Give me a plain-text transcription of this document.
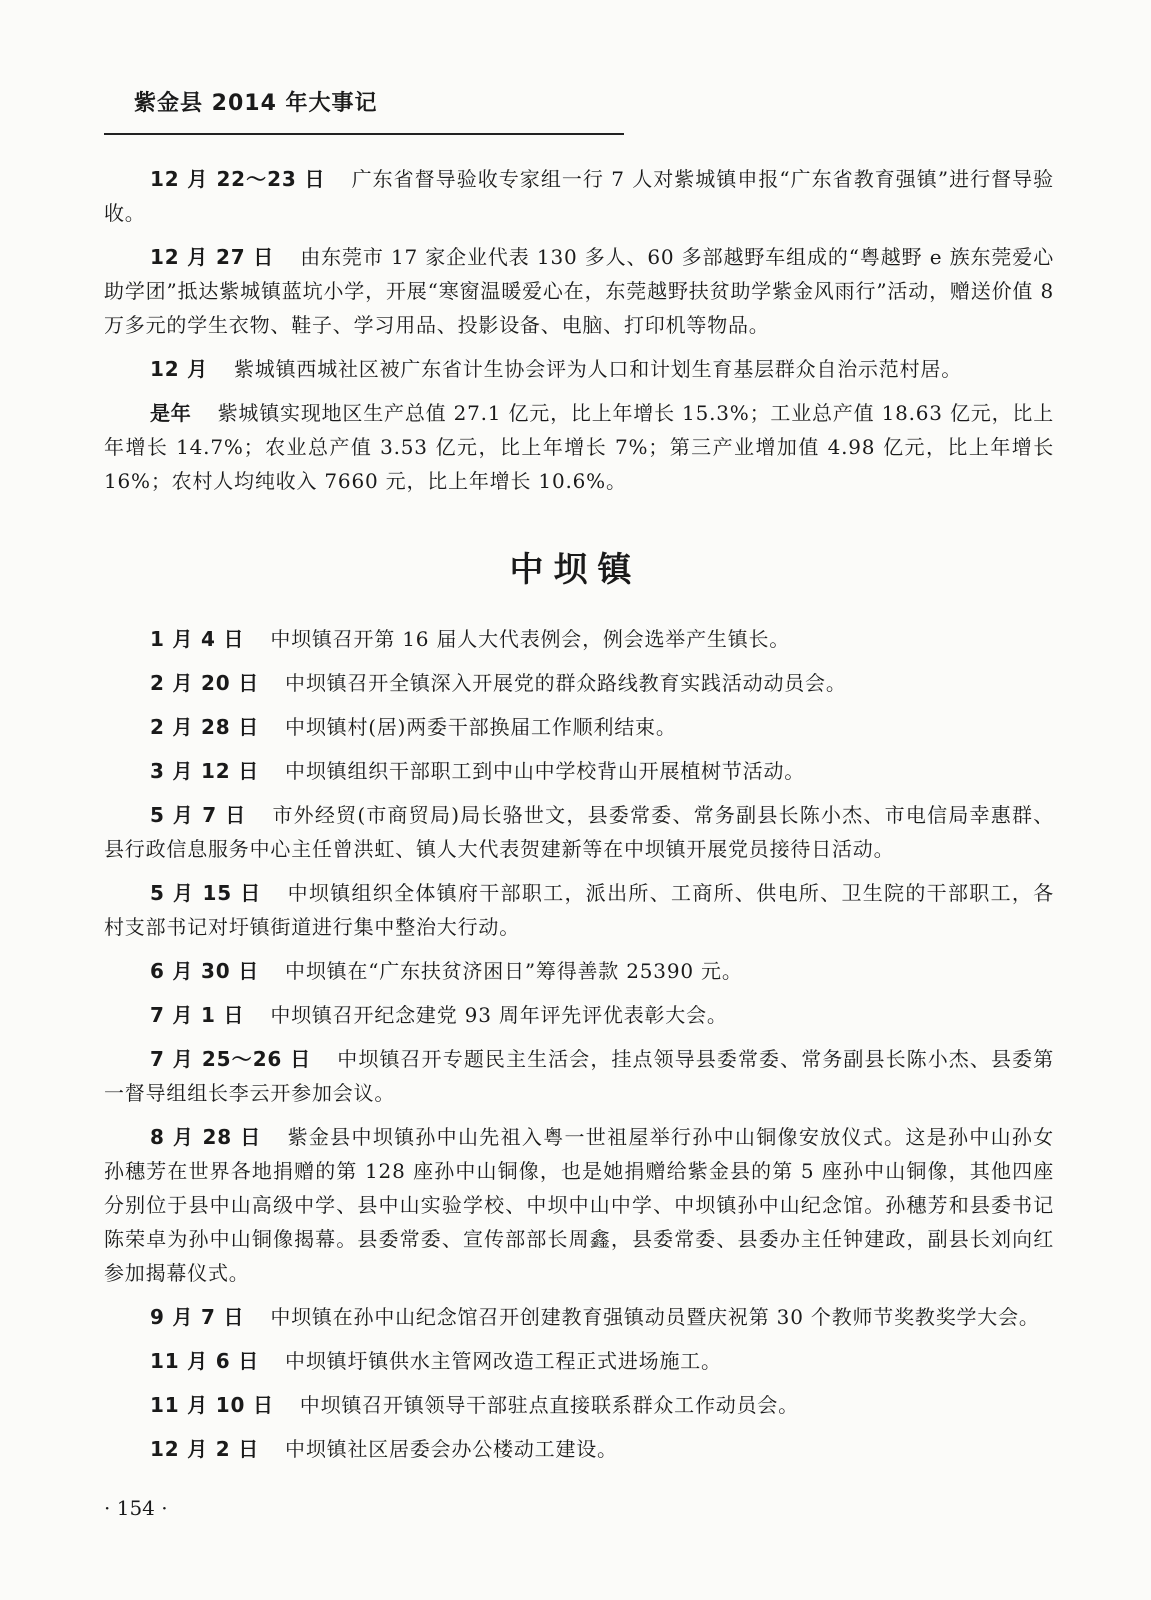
紫金县 2014 年大事记

12 月 22～23 日 广东省督导验收专家组一行 7 人对紫城镇申报“广东省教育强镇”进行督导验收。

12 月 27 日 由东莞市 17 家企业代表 130 多人、60 多部越野车组成的“粤越野 e 族东莞爱心助学团”抵达紫城镇蓝坑小学，开展“寒窗温暖爱心在，东莞越野扶贫助学紫金风雨行”活动，赠送价值 8 万多元的学生衣物、鞋子、学习用品、投影设备、电脑、打印机等物品。

12 月 紫城镇西城社区被广东省计生协会评为人口和计划生育基层群众自治示范村居。

是年 紫城镇实现地区生产总值 27.1 亿元，比上年增长 15.3%；工业总产值 18.63 亿元，比上年增长 14.7%；农业总产值 3.53 亿元，比上年增长 7%；第三产业增加值 4.98 亿元，比上年增长 16%；农村人均纯收入 7660 元，比上年增长 10.6%。

中坝镇

1 月 4 日 中坝镇召开第 16 届人大代表例会，例会选举产生镇长。

2 月 20 日 中坝镇召开全镇深入开展党的群众路线教育实践活动动员会。

2 月 28 日 中坝镇村(居)两委干部换届工作顺利结束。

3 月 12 日 中坝镇组织干部职工到中山中学校背山开展植树节活动。

5 月 7 日 市外经贸(市商贸局)局长骆世文，县委常委、常务副县长陈小杰、市电信局幸惠群、县行政信息服务中心主任曾洪虹、镇人大代表贺建新等在中坝镇开展党员接待日活动。

5 月 15 日 中坝镇组织全体镇府干部职工，派出所、工商所、供电所、卫生院的干部职工，各村支部书记对圩镇街道进行集中整治大行动。

6 月 30 日 中坝镇在“广东扶贫济困日”筹得善款 25390 元。

7 月 1 日 中坝镇召开纪念建党 93 周年评先评优表彰大会。

7 月 25～26 日 中坝镇召开专题民主生活会，挂点领导县委常委、常务副县长陈小杰、县委第一督导组组长李云开参加会议。

8 月 28 日 紫金县中坝镇孙中山先祖入粤一世祖屋举行孙中山铜像安放仪式。这是孙中山孙女孙穗芳在世界各地捐赠的第 128 座孙中山铜像，也是她捐赠给紫金县的第 5 座孙中山铜像，其他四座分别位于县中山高级中学、县中山实验学校、中坝中山中学、中坝镇孙中山纪念馆。孙穗芳和县委书记陈荣卓为孙中山铜像揭幕。县委常委、宣传部部长周鑫，县委常委、县委办主任钟建政，副县长刘向红参加揭幕仪式。

9 月 7 日 中坝镇在孙中山纪念馆召开创建教育强镇动员暨庆祝第 30 个教师节奖教奖学大会。

11 月 6 日 中坝镇圩镇供水主管网改造工程正式进场施工。

11 月 10 日 中坝镇召开镇领导干部驻点直接联系群众工作动员会。

12 月 2 日 中坝镇社区居委会办公楼动工建设。

· 154 ·
